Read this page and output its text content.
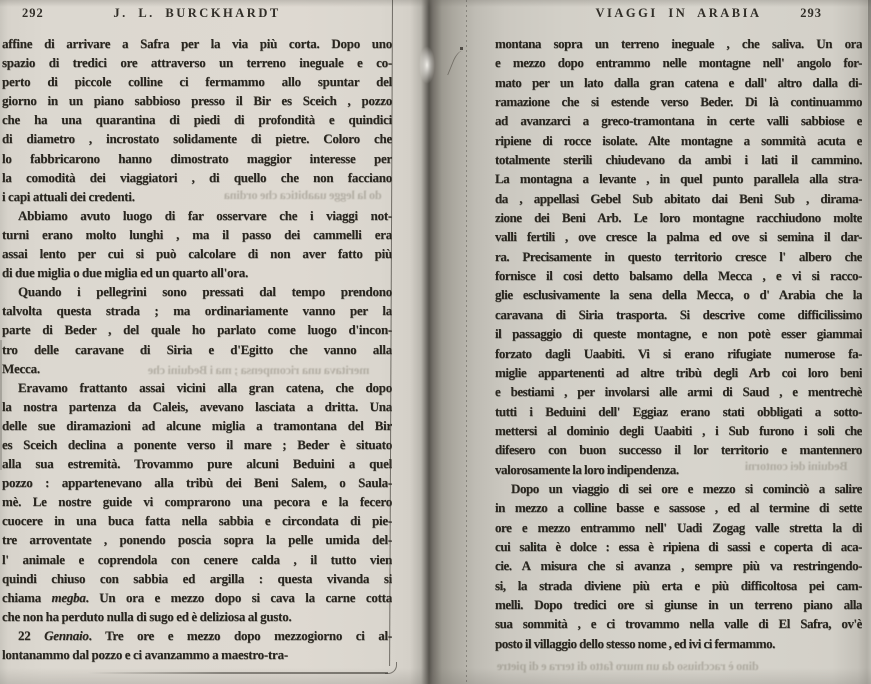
292	J. L. BURCKHARDT
affine di arrivare a Safra per la via più corta. Dopo uno
spazio di tredici ore attraverso un terreno ineguale e co-
perto di piccole colline ci fermammo allo spuntar del
giorno in un piano sabbioso presso il Bir es Sceich , pozzo
che ha una quarantina di piedi di profondità e quindici
di diametro , incrostato solidamente di pietre. Coloro che
lo fabbricarono hanno dimostrato maggior interesse per
la comodità dei viaggiatori , di quello che non facciano
i capi attuali dei credenti.
Abbiamo avuto luogo di far osservare che i viaggi not-
turni erano molto lunghi , ma il passo dei cammelli era
assai lento per cui si può calcolare di non aver fatto più
di due miglia o due miglia ed un quarto all'ora.
Quando i pellegrini sono pressati dal tempo prendono
talvolta questa strada ; ma ordinariamente vanno per la
parte di Beder , del quale ho parlato come luogo d'incon-
tro delle caravane di Siria e d'Egitto che vanno alla
Mecca.
Eravamo frattanto assai vicini alla gran catena, che dopo
la nostra partenza da Caleis, avevano lasciata a dritta. Una
delle sue diramazioni ad alcune miglia a tramontana del Bir
es Sceich declina a ponente verso il mare ; Beder è situato
alla sua estremità. Trovammo pure alcuni Beduini a quel
pozzo : appartenevano alla tribù dei Beni Salem, o Saula-
mè. Le nostre guide vi comprarono una pecora e la fecero
cuocere in una buca fatta nella sabbia e circondata di pie-
tre arroventate , ponendo poscia sopra la pelle umida del-
l' animale e coprendola con cenere calda , il tutto vien
quindi chiuso con sabbia ed argilla : questa vivanda si
chiama megba. Un ora e mezzo dopo si cava la carne cotta
che non ha perduto nulla di sugo ed è deliziosa al gusto.
22 Gennaio. Tre ore e mezzo dopo mezzogiorno ci al-
lontanammo dal pozzo e ci avanzammo a maestro-tra-
do la legge uaabitica che ordina
meritava una ricompensa ; ma i Beduini che
VIAGGI IN ARABIA	293
montana sopra un terreno ineguale , che saliva. Un ora
e mezzo dopo entrammo nelle montagne nell' angolo for-
mato per un lato dalla gran catena e dall' altro dalla di-
ramazione che si estende verso Beder. Di là continuammo
ad avanzarci a greco-tramontana in certe valli sabbiose e
ripiene di rocce isolate. Alte montagne a sommità acuta e
totalmente sterili chiudevano da ambi i lati il cammino.
La montagna a levante , in quel punto parallela alla stra-
da , appellasi Gebel Sub abitato dai Beni Sub , dirama-
zione dei Beni Arb. Le loro montagne racchiudono molte
valli fertili , ove cresce la palma ed ove si semina il dar-
ra. Precisamente in questo territorio cresce l' albero che
fornisce il cosi detto balsamo della Mecca , e vi si racco-
glie esclusivamente la sena della Mecca, o d' Arabia che la
caravana di Siria trasporta. Si descrive come difficilissimo
il passaggio di queste montagne, e non potè esser giammai
forzato dagli Uaabiti. Vi si erano rifugiate numerose fa-
miglie appartenenti ad altre tribù degli Arb coi loro beni
e bestiami , per involarsi alle armi di Saud , e mentrechè
tutti i Beduini dell' Eggiaz erano stati obbligati a sotto-
mettersi al dominio degli Uaabiti , i Sub furono i soli che
difesero con buon successo il lor territorio e mantennero
valorosamente la loro indipendenza.
Dopo un viaggio di sei ore e mezzo si cominciò a salire
in mezzo a colline basse e sassose , ed al termine di sette
ore e mezzo entrammo nell' Uadi Zogag valle stretta la di
cui salita è dolce : essa è ripiena di sassi e coperta di aca-
cie. A misura che si avanza , sempre più va restringendo-
si, la strada diviene più erta e più difficoltosa pei cam-
melli. Dopo tredici ore si giunse in un terreno piano alla
sua sommità , e ci trovammo nella valle di El Safra, ov'è
posto il villaggio dello stesso nome , ed ivi ci fermammo.
Beduini dei contorni
dino è racchiuso da un muro fatto di terra e di pietre
